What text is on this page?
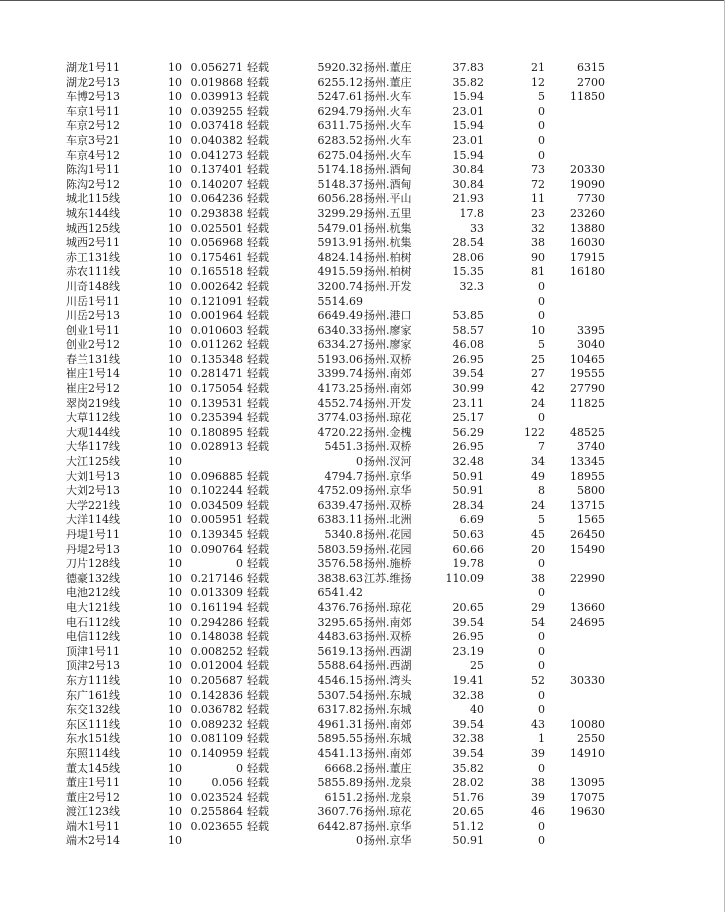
湖龙1号11	10 0.056271 轻载	5920.32 扬州.董庄	37.83	21	6315
湖龙2号13	10 0.019868 轻载	6255.12 扬州.董庄	35.82	12	2700
车博2号13	10 0.039913 轻载	5247.61 扬州.火车	15.94	5	11850
车京1号11	10 0.039255 轻载	6294.79 扬州.火车	23.01	0
车京2号12	10 0.037418 轻载	6311.75 扬州.火车	15.94	0
车京3号21	10 0.040382 轻载	6283.52 扬州.火车	23.01	0
车京4号12	10 0.041273 轻载	6275.04 扬州.火车	15.94	0
陈沟1号11	10 0.137401 轻载	5174.18 扬州.酒甸	30.84	73	20330
陈沟2号12	10 0.140207 轻载	5148.37 扬州.酒甸	30.84	72	19090
城北115线	10 0.064236 轻载	6056.28 扬州.平山	21.93	11	7730
城东144线	10 0.293838 轻载	3299.29 扬州.五里	17.8	23	23260
城西125线	10 0.025501 轻载	5479.01 扬州.杭集	33	32	13880
城西2号11	10 0.056968 轻载	5913.91 扬州.杭集	28.54	38	16030
赤工131线	10 0.175461 轻载	4824.14 扬州.柏树	28.06	90	17915
赤农111线	10 0.165518 轻载	4915.59 扬州.柏树	15.35	81	16180
川奇148线	10 0.002642 轻载	3200.74 扬州.开发	32.3	0
川岳1号11	10 0.121091 轻载	5514.69	0
川岳2号13	10 0.001964 轻载	6649.49 扬州.港口	53.85	0
创业1号11	10 0.010603 轻载	6340.33 扬州.廖家	58.57	10	3395
创业2号12	10 0.011262 轻载	6334.27 扬州.廖家	46.08	5	3040
春兰131线	10 0.135348 轻载	5193.06 扬州.双桥	26.95	25	10465
崔庄1号14	10 0.281471 轻载	3399.74 扬州.南郊	39.54	27	19555
崔庄2号12	10 0.175054 轻载	4173.25 扬州.南郊	30.99	42	27790
翠岗219线	10 0.139531 轻载	4552.74 扬州.开发	23.11	24	11825
大草112线	10 0.235394 轻载	3774.03 扬州.琼花	25.17	0
大观144线	10 0.180895 轻载	4720.22 扬州.金槐	56.29	122	48525
大华117线	10 0.028913 轻载	5451.3 扬州.双桥	26.95	7	3740
大江125线	10	0 扬州.汊河	32.48	34	13345
大刘1号13	10 0.096885 轻载	4794.7 扬州.京华	50.91	49	18955
大刘2号13	10 0.102244 轻载	4752.09 扬州.京华	50.91	8	5800
大学221线	10 0.034509 轻载	6339.47 扬州.双桥	28.34	24	13715
大洋114线	10 0.005951 轻载	6383.11 扬州.北洲	6.69	5	1565
丹堤1号11	10 0.139345 轻载	5340.8 扬州.花园	50.63	45	26450
丹堤2号13	10 0.090764 轻载	5803.59 扬州.花园	60.66	20	15490
刀片128线	10	0 轻载	3576.58 扬州.施桥	19.78	0
德豪132线	10 0.217146 轻载	3838.63 江苏.维扬	110.09	38	22990
电池212线	10 0.013309 轻载	6541.42	0
电大121线	10 0.161194 轻载	4376.76 扬州.琼花	20.65	29	13660
电石112线	10 0.294286 轻载	3295.65 扬州.南郊	39.54	54	24695
电信112线	10 0.148038 轻载	4483.63 扬州.双桥	26.95	0
顶津1号11	10 0.008252 轻载	5619.13 扬州.西湖	23.19	0
顶津2号13	10 0.012004 轻载	5588.64 扬州.西湖	25	0
东方111线	10 0.205687 轻载	4546.15 扬州.湾头	19.41	52	30330
东广161线	10 0.142836 轻载	5307.54 扬州.东城	32.38	0
东交132线	10 0.036782 轻载	6317.82 扬州.东城	40	0
东区111线	10 0.089232 轻载	4961.31 扬州.南郊	39.54	43	10080
东水151线	10 0.081109 轻载	5895.55 扬州.东城	32.38	1	2550
东照114线	10 0.140959 轻载	4541.13 扬州.南郊	39.54	39	14910
董太145线	10	0 轻载	6668.2 扬州.董庄	35.82	0
董庄1号11	10	0.056 轻载	5855.89 扬州.龙泉	28.02	38	13095
董庄2号12	10 0.023524 轻载	6151.2 扬州.龙泉	51.76	39	17075
渡江123线	10 0.255864 轻载	3607.76 扬州.琼花	20.65	46	19630
端木1号11	10 0.023655 轻载	6442.87 扬州.京华	51.12	0
端木2号14	10	0 扬州.京华	50.91	0
